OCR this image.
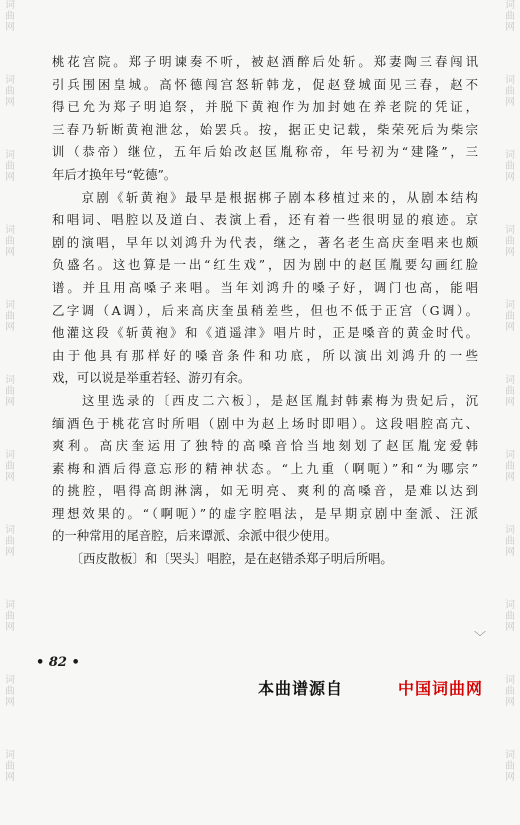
词
曲
网
词
曲
网
词
曲
网
词
曲
网
词
曲
网
词
曲
网
词
曲
网
词
曲
网
词
曲
网
词
曲
网
词
曲
网
词
曲
网
词
曲
网
词
曲
网
词
曲
网
词
曲
网
词
曲
网
词
曲
网
词
曲
网
词
曲
网
词
曲
网
词
曲
网

桃花宫院。郑子明谏奏不听，被赵酒醉后处斩。郑妻陶三春闯讯
引兵围困皇城。高怀德闯宫怒斩韩龙，促赵登城面见三春，赵不
得已允为郑子明追祭，并脱下黄袍作为加封她在养老院的凭证，
三春乃斩断黄袍泄忿，始罢兵。按，据正史记载，柴荣死后为柴宗
训（恭帝）继位，五年后始改赵匡胤称帝，年号初为“建隆”，三
年后才换年号“乾德”。

　　京剧《斩黄袍》最早是根据梆子剧本移植过来的，从剧本结构
和唱词、唱腔以及道白、表演上看，还有着一些很明显的痕迹。京
剧的演唱，早年以刘鸿升为代表，继之，著名老生高庆奎唱来也颇
负盛名。这也算是一出“红生戏”，因为剧中的赵匡胤要勾画红脸
谱。并且用高嗓子来唱。当年刘鸿升的嗓子好，调门也高，能唱
乙字调（A调），后来高庆奎虽稍差些，但也不低于正宫（G调）。
他灌这段《斩黄袍》和《逍遥津》唱片时，正是嗓音的黄金时代。
由于他具有那样好的嗓音条件和功底，所以演出刘鸿升的一些
戏，可以说是举重若轻、游刃有余。

　　这里选录的〔西皮二六板〕，是赵匡胤封韩素梅为贵妃后，沉
缅酒色于桃花宫时所唱（剧中为赵上场时即唱）。这段唱腔高亢、
爽利。高庆奎运用了独特的高嗓音恰当地刻划了赵匡胤宠爱韩
素梅和酒后得意忘形的精神状态。“上九重（啊呃）”和“为哪宗”
的挑腔，唱得高朗淋漓，如无明亮、爽利的高嗓音，是难以达到
理想效果的。“（啊呃）”的虚字腔唱法，是早期京剧中奎派、汪派
的一种常用的尾音腔，后来谭派、余派中很少使用。

　　〔西皮散板〕和〔哭头〕唱腔，是在赵错杀郑子明后所唱。

﹀
• 82 •
本曲谱源自	中国词曲网
